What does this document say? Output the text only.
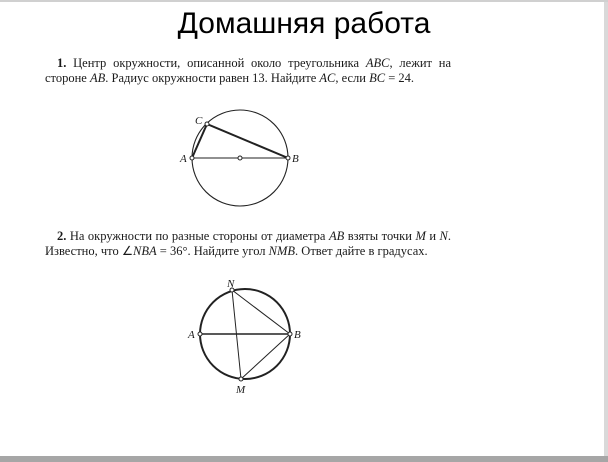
Домашняя работа

1. Центр окружности, описанной около треугольника ABC, лежит на стороне AB. Радиус окружности равен 13. Найдите AC, если BC = 24.

A	B
C
A	B
N
M

2. На окружности по разные стороны от диаметра AB взяты точки M и N. Известно, что ∠NBA = 36°. Найдите угол NMB. Ответ дайте в градусах.
